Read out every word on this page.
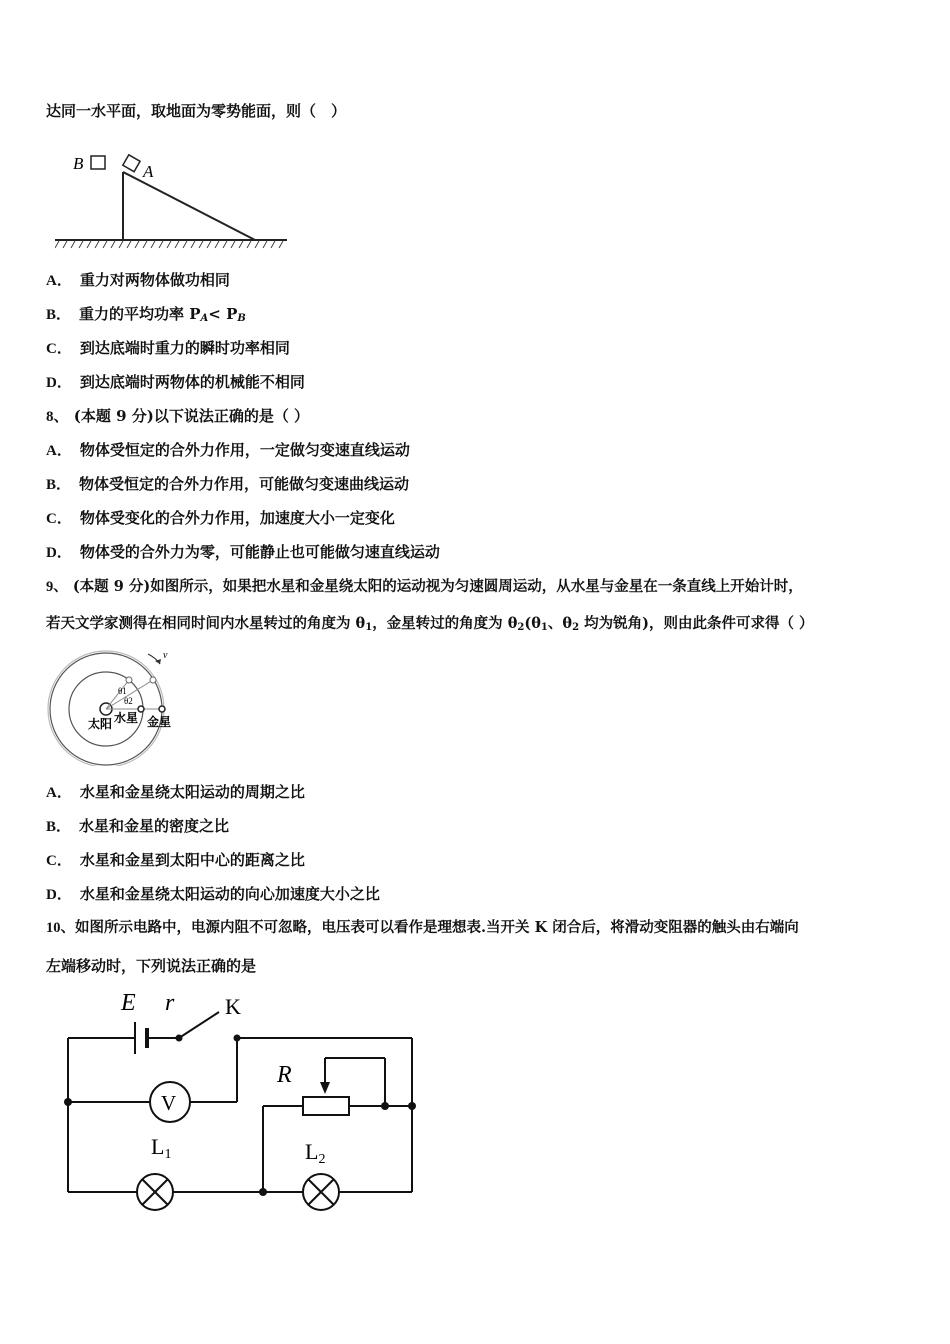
达同一水平面，取地面为零势能面，则（　）
B	A
A． 重力对两物体做功相同
B． 重力的平均功率 $P_A< P_B$
C． 到达底端时重力的瞬时功率相同
D． 到达底端时两物体的机械能不相同
8、 (本题 9 分)以下说法正确的是（ ）
A． 物体受恒定的合外力作用，一定做匀变速直线运动
B． 物体受恒定的合外力作用，可能做匀变速曲线运动
C． 物体受变化的合外力作用，加速度大小一定变化
D． 物体受的合外力为零，可能静止也可能做匀速直线运动
9、 (本题 9 分)如图所示，如果把水星和金星绕太阳的运动视为匀速圆周运动，从水星与金星在一条直线上开始计时，
若天文学家测得在相同时间内水星转过的角度为 $\theta_1$，金星转过的角度为 $\theta_2(\theta_1$、$\theta_2$ 均为锐角)，则由此条件可求得（ ）
v
θ1
θ2
太阳 水星 金星
A． 水星和金星绕太阳运动的周期之比
B． 水星和金星的密度之比
C． 水星和金星到太阳中心的距离之比
D． 水星和金星绕太阳运动的向心加速度大小之比
10、如图所示电路中，电源内阻不可忽略，电压表可以看作是理想表.当开关 K 闭合后，将滑动变阻器的触头由右端向
左端移动时，下列说法正确的是
E r K
V
R
L1	L2
